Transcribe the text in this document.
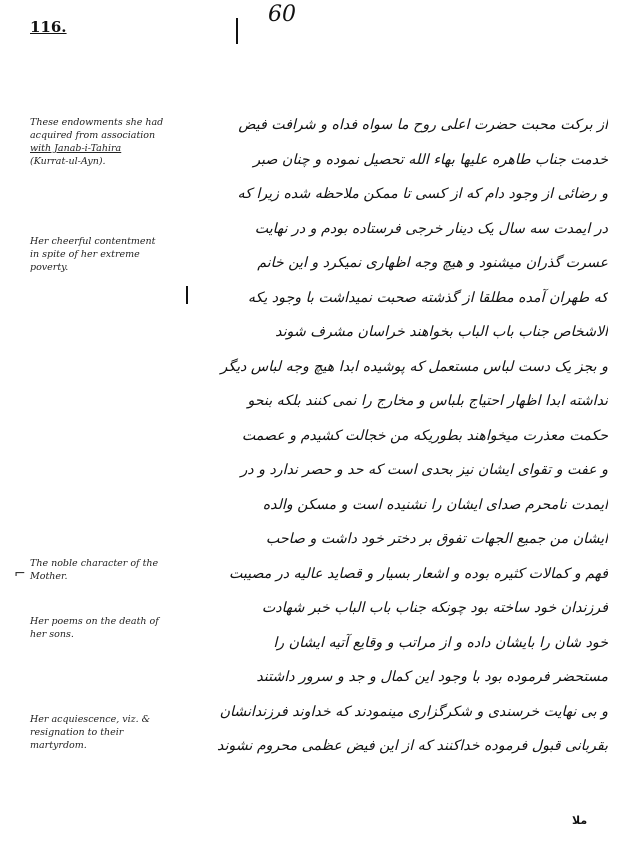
116.	60
These endowments she had
acquired from association
with Janab-i-Tahira
(Kurrat-ul-Ayn).
Her cheerful contentment
in spite of her extreme
poverty.
⌐
The noble character of the
Mother.
Her poems on the death of
her sons.
Her acquiescence, viz. &
resignation to their
martyrdom.
از برکت محبت حضرت اعلی روح ما سواه فداه و شرافت فیض
خدمت جناب طاهره علیها بهاء الله تحصیل نموده و چنان صبر
و رضائی از وجود دام که از کسی تا ممکن ملاحظه شده زیرا که
در ایمدت سه سال یک دینار خرجی فرستاده بودم و در نهایت
عسرت گذران میشنود و هیچ وجه اظهاری نمیکرد و این خانم
که طهران آمده مطلقا از گذشته صحبت نمیداشت با وجود یکه
الاشخاص جناب باب الباب بخواهند خراسان مشرف شوند
و بجز یک دست لباس مستعمل که پوشیده ابدا هیچ وجه لباس دیگر
نداشته ابدا اظهار احتیاج بلباس و مخارج را نمی کنند بلکه بنحو
حکمت معذرت میخواهند بطوریکه من خجالت کشیدم و عصمت
و عفت و تقوای ایشان نیز بحدی است که حد و حصر ندارد و در
ایمدت نامحرم صدای ایشان را نشنیده است و مسکن والده
ایشان من جمیع الجهات تفوق بر دختر خود داشت و صاحب
فهم و کمالات کثیره بوده و اشعار بسیار و قصاید عالیه در مصیبت
فرزندان خود ساخته بود چونکه جناب باب الباب خبر شهادت
خود شان را بایشان داده و از مراتب و وقایع آتیه ایشان را
مستحضر فرموده بود با وجود این کمال و جد و سرور داشتند
و بی نهایت خرسندی و شکرگزاری مینمودند که خداوند فرزندانشان
بقربانی قبول فرموده خداکنند که از این فیض عظمی محروم نشوند
ملا
